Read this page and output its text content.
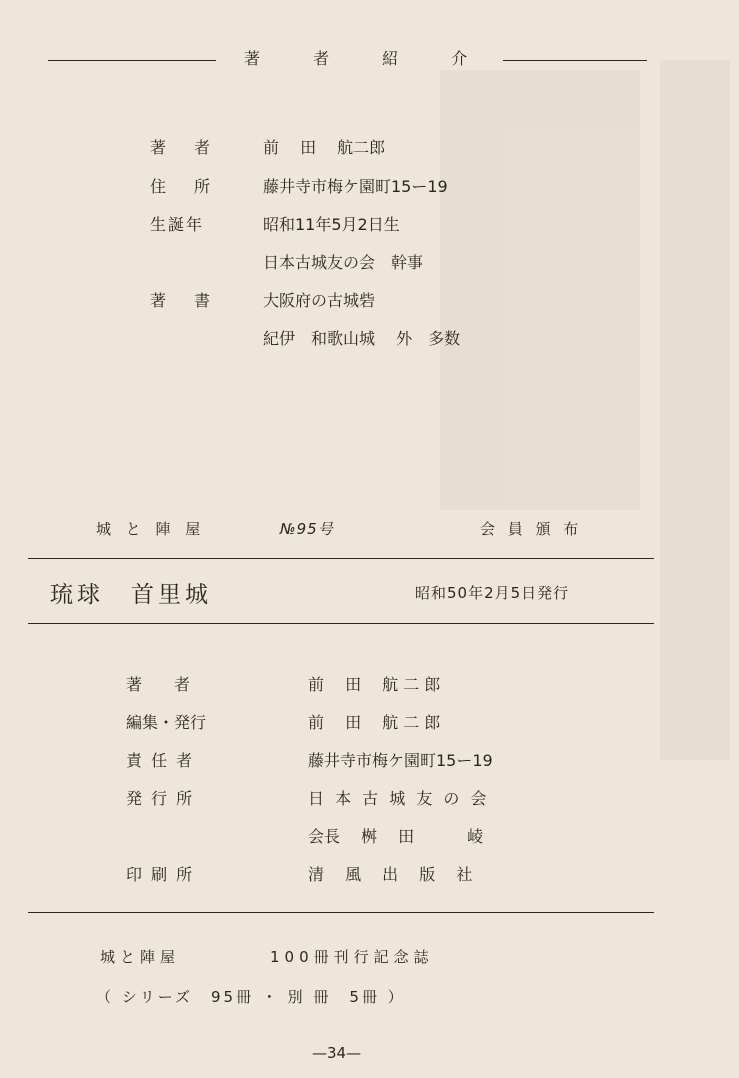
著 者 紹 介
著　者	前　 田　 航二郎
住　所	藤井寺市梅ケ園町15ー19
生誕年	昭和11年5月2日生
日本古城友の会　幹事
著　書	大阪府の古城砦
紀伊　和歌山城　 外　多数
城 と 陣 屋	№95号	会 員 頒 布
琉球　首里城	昭和50年2月5日発行
著　　者	前　 田　 航 二 郎
編集・発行	前　 田　 航 二 郎
責 任 者	藤井寺市梅ケ園町15ー19
発 行 所	日 本 古 城 友 の 会
会長　 桝　 田　　 　崚
印 刷 所	清　 風　 出　 版　 社
城と陣屋	100冊刊行記念誌
（ シリーズ　95冊 ・ 別 冊　5冊 ）
—34—
